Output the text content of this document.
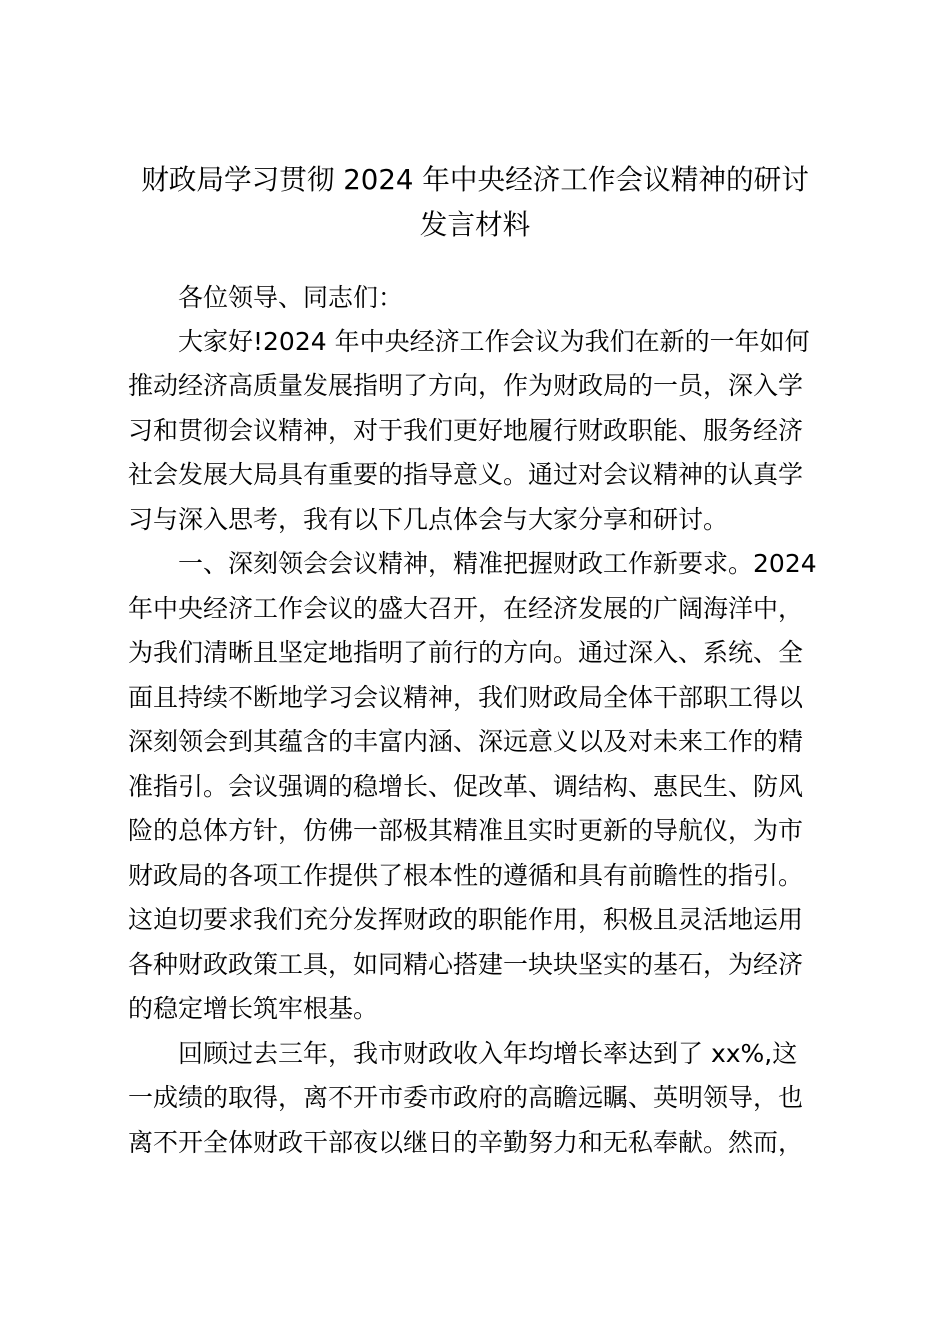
财政局学习贯彻 2024 年中央经济工作会议精神的研讨
发言材料

各位领导、同志们：

大家好!2024 年中央经济工作会议为我们在新的一年如何

推动经济高质量发展指明了方向，作为财政局的一员，深入学

习和贯彻会议精神，对于我们更好地履行财政职能、服务经济

社会发展大局具有重要的指导意义。通过对会议精神的认真学

习与深入思考，我有以下几点体会与大家分享和研讨。

一、深刻领会会议精神，精准把握财政工作新要求。2024

年中央经济工作会议的盛大召开，在经济发展的广阔海洋中，

为我们清晰且坚定地指明了前行的方向。通过深入、系统、全

面且持续不断地学习会议精神，我们财政局全体干部职工得以

深刻领会到其蕴含的丰富内涵、深远意义以及对未来工作的精

准指引。会议强调的稳增长、促改革、调结构、惠民生、防风

险的总体方针，仿佛一部极其精准且实时更新的导航仪，为市

财政局的各项工作提供了根本性的遵循和具有前瞻性的指引。

这迫切要求我们充分发挥财政的职能作用，积极且灵活地运用

各种财政政策工具，如同精心搭建一块块坚实的基石，为经济

的稳定增长筑牢根基。

回顾过去三年，我市财政收入年均增长率达到了 xx%,这

一成绩的取得，离不开市委市政府的高瞻远瞩、英明领导，也

离不开全体财政干部夜以继日的辛勤努力和无私奉献。然而，
